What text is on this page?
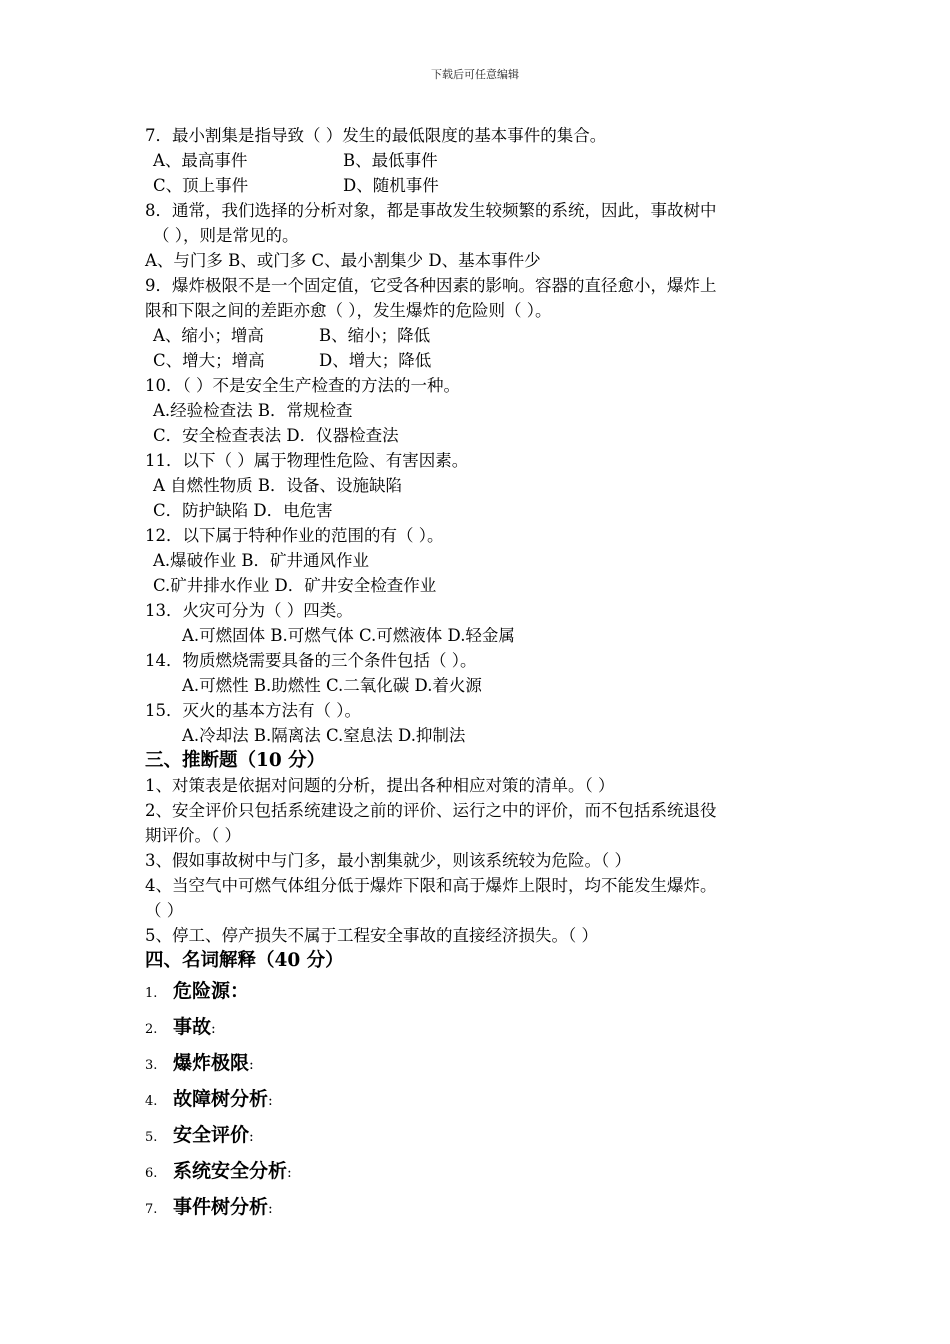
下载后可任意编辑
7．最小割集是指导致（ ）发生的最低限度的基本事件的集合。
A、最高事件	B、最低事件
C、顶上事件	D、随机事件
8．通常，我们选择的分析对象，都是事故发生较频繁的系统，因此，事故树中
（ ），则是常见的。
A、与门多 B、或门多 C、最小割集少 D、基本事件少
9．爆炸极限不是一个固定值，它受各种因素的影响。容器的直径愈小，爆炸上
限和下限之间的差距亦愈（ ），发生爆炸的危险则（ ）。
A、缩小；增高	B、缩小；降低
C、增大；增高	D、增大；降低
10．（ ）不是安全生产检查的方法的一种。
A.经验检查法 B．常规检查
C．安全检查表法 D．仪器检查法
11．以下（ ）属于物理性危险、有害因素。
A 自燃性物质 B．设备、设施缺陷
C．防护缺陷 D．电危害
12．以下属于特种作业的范围的有（ ）。
A.爆破作业 B．矿井通风作业
C.矿井排水作业 D．矿井安全检查作业
13．火灾可分为（ ）四类。
A.可燃固体 B.可燃气体 C.可燃液体 D.轻金属
14．物质燃烧需要具备的三个条件包括（ ）。
A.可燃性 B.助燃性 C.二氧化碳 D.着火源
15．灭火的基本方法有（ ）。
A.冷却法 B.隔离法 C.窒息法 D.抑制法
三、推断题（10 分）
1、对策表是依据对问题的分析，提出各种相应对策的清单。（ ）
2、安全评价只包括系统建设之前的评价、运行之中的评价，而不包括系统退役
期评价。（ ）
3、假如事故树中与门多，最小割集就少，则该系统较为危险。（ ）
4、当空气中可燃气体组分低于爆炸下限和高于爆炸上限时，均不能发生爆炸。
（ ）
5、停工、停产损失不属于工程安全事故的直接经济损失。（ ）
四、名词解释（40 分）
1. 危险源：
2. 事故:
3. 爆炸极限:
4. 故障树分析:
5. 安全评价:
6. 系统安全分析:
7. 事件树分析:
